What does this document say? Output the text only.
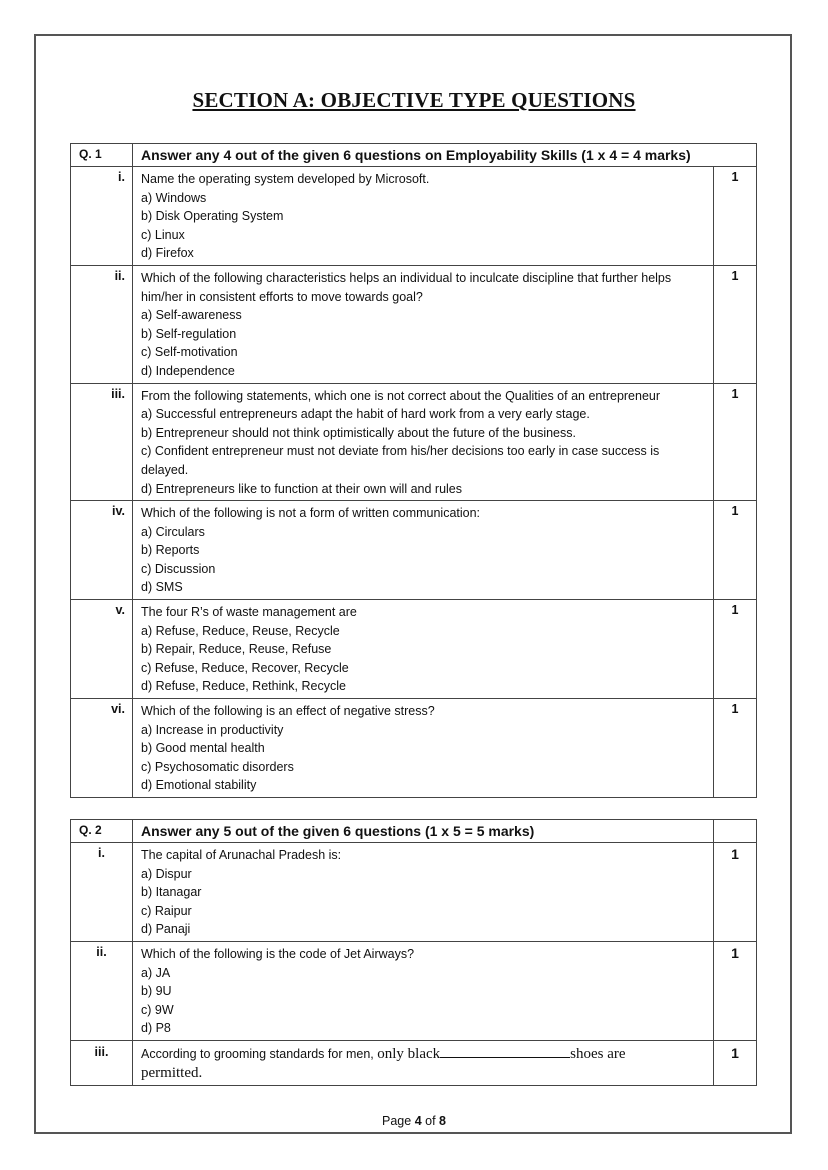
SECTION A: OBJECTIVE TYPE QUESTIONS
Q. 1	Answer any 4 out of the given 6 questions on Employability Skills (1 x 4 = 4 marks)	
i.	Name the operating system developed by Microsoft.
a) Windows
b) Disk Operating System
c) Linux
d) Firefox	1
ii.	Which of the following characteristics helps an individual to inculcate discipline that further helps him/her in consistent efforts to move towards goal?
a) Self-awareness
b) Self-regulation
c) Self-motivation
d) Independence	1
iii.	From the following statements, which one is not correct about the Qualities of an entrepreneur
a) Successful entrepreneurs adapt the habit of hard work from a very early stage.
b) Entrepreneur should not think optimistically about the future of the business.
c) Confident entrepreneur must not deviate from his/her decisions too early in case success is delayed.
d) Entrepreneurs like to function at their own will and rules	1
iv.	Which of the following is not a form of written communication:
a) Circulars
b) Reports
c) Discussion
d) SMS	1
v.	The four R’s of waste management are
a) Refuse, Reduce, Reuse, Recycle
b) Repair, Reduce, Reuse, Refuse
c) Refuse, Reduce, Recover, Recycle
d) Refuse, Reduce, Rethink, Recycle	1
vi.	Which of the following is an effect of negative stress?
a) Increase in productivity
b) Good mental health
c) Psychosomatic disorders
d) Emotional stability	1
Q. 2	Answer any 5 out of the given 6 questions (1 x 5 = 5 marks)	
i.	The capital of Arunachal Pradesh is:
a) Dispur
b) Itanagar
c) Raipur
d) Panaji	1
ii.	Which of the following is the code of Jet Airways?
a) JA
b) 9U
c) 9W
d) P8	1
iii.	According to grooming standards for men, only black shoes are
permitted.	1
Page 4 of 8
